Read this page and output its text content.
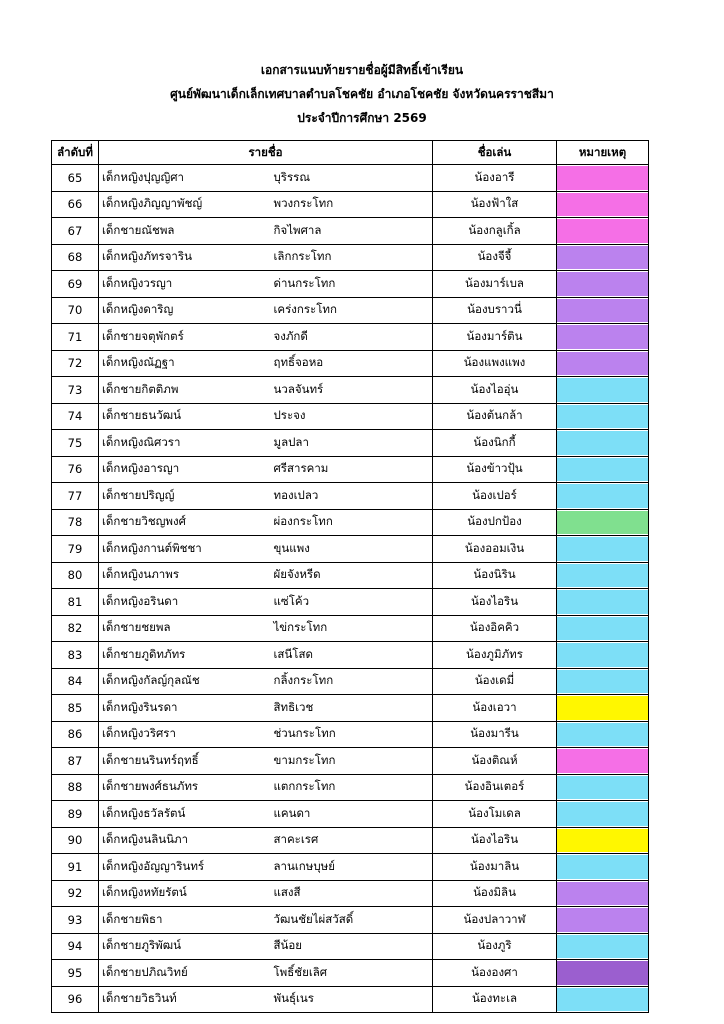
เอกสารแนบท้ายรายชื่อผู้มีสิทธิ์เข้าเรียน
ศูนย์พัฒนาเด็กเล็กเทศบาลตำบลโชคชัย อำเภอโชคชัย จังหวัดนครราชสีมา
ประจำปีการศึกษา 2569
ลำดับที่	รายชื่อ		ชื่อเล่น	หมายเหตุ
65	เด็กหญิงปุญญิศา	บุริรรณ	น้องอารี	

66	เด็กหญิงภิญญาพัชญ์	พวงกระโทก	น้องฟ้าใส	

67	เด็กชายณัชพล	กิจไพศาล	น้องกลูเกิ้ล	

68	เด็กหญิงภัทรจาริน	เลิกกระโทก	น้องจีจี้	

69	เด็กหญิงวรญา	ด่านกระโทก	น้องมาร์เบล	

70	เด็กหญิงดาริญ	เคร่งกระโทก	น้องบราวนี่	

71	เด็กชายจตุพักตร์	จงภักดี	น้องมาร์ติน	

72	เด็กหญิงณัฏฐา	ฤทธิ์จอหอ	น้องแพงแพง	

73	เด็กชายกิตติภพ	นวลจันทร์	น้องไออุ่น	

74	เด็กชายธนวัฒน์	ประจง	น้องต้นกล้า	

75	เด็กหญิงณิศวรา	มูลปลา	น้องนิกกี้	

76	เด็กหญิงอารญา	ศรีสารคาม	น้องข้าวปุ้น	

77	เด็กชายปริญญ์	ทองเปลว	น้องเปอร์	

78	เด็กชายวิชญพงศ์	ผ่องกระโทก	น้องปกป้อง	

79	เด็กหญิงกานต์พิชชา	ขุนแพง	น้องออมเงิน	

80	เด็กหญิงนภาพร	ผัยจังหรีด	น้องนิริน	

81	เด็กหญิงอรินดา	แซ่โค้ว	น้องไอริน	

82	เด็กชายชยพล	ไข่กระโทก	น้องอิคคิว	

83	เด็กชายภูดิทภัทร	เสนีโสด	น้องภูมิภัทร	

84	เด็กหญิงกัลญ์กุลณัช	กลิ้งกระโทก	น้องเดมี่	

85	เด็กหญิงรินรดา	สิทธิเวช	น้องเอวา	

86	เด็กหญิงวริศรา	ช่วนกระโทก	น้องมารีน	

87	เด็กชายนรินทร์ฤทธิ์	ขามกระโทก	น้องติณห์	

88	เด็กชายพงศ์ธนภัทร	แตกกระโทก	น้องอินเตอร์	

89	เด็กหญิงธวัลรัตน์	แคนดา	น้องโมเดล	

90	เด็กหญิงนลินนิภา	สาคะเรศ	น้องไอริน	

91	เด็กหญิงอัญญารินทร์	ลานเกษบุษย์	น้องมาลิน	

92	เด็กหญิงหทัยรัตน์	แสงสี	น้องมิลิน	

93	เด็กชายพิธา	วัฒนชัยไผ่สวัสดิ์	น้องปลาวาฬ	

94	เด็กชายภูริพัฒน์	สีน้อย	น้องภูริ	

95	เด็กชายปภิณวิทย์	โพธิ์ชัยเลิศ	น้ององศา	

96	เด็กชายวิธวินท์	พันธุ์เนร	น้องทะเล	
